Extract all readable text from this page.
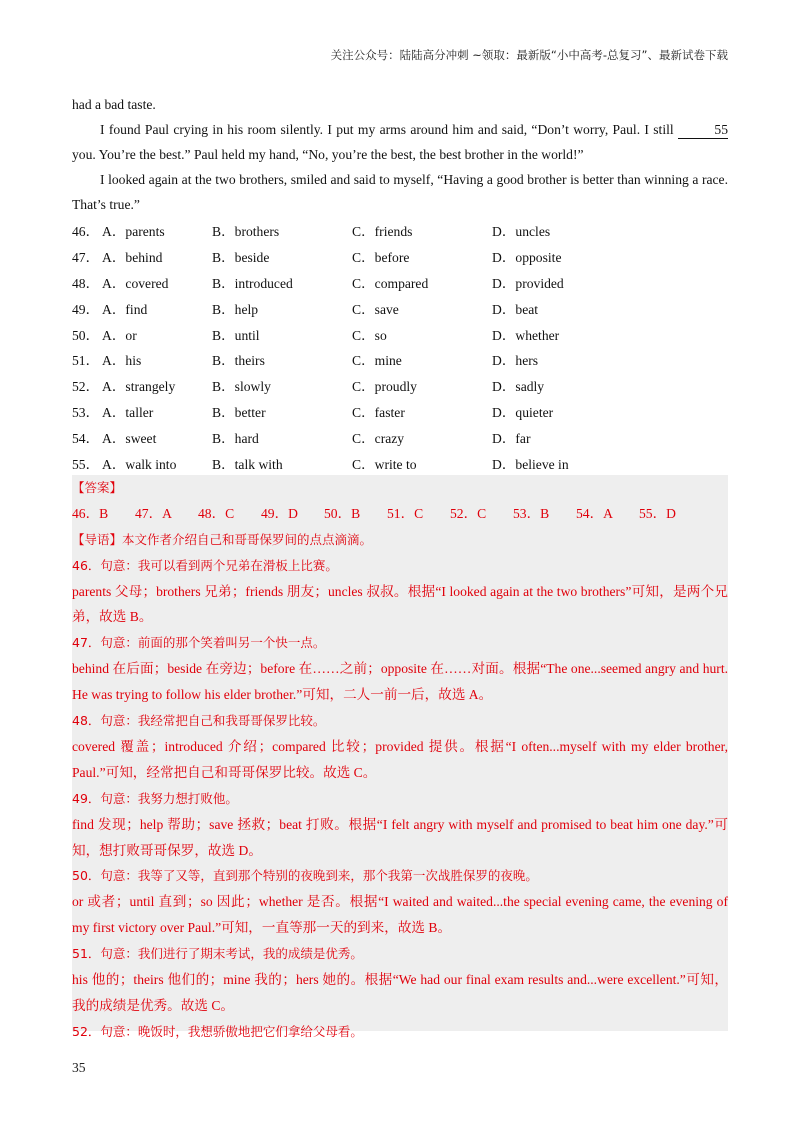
关注公众号：陆陆高分冲刺 ~领取：最新版“小中高考-总复习”、最新试卷下载

had a bad taste.

I found Paul crying in his room silently. I put my arms around him and said, “Don’t worry, Paul. I still	55 you. You’re the best.” Paul held my hand, “No, you’re the best, the best brother in the world!”

I looked again at the two brothers, smiled and said to myself, “Having a good brother is better than winning a race. That’s true.”

46． A．parents	B．brothers	C．friends	D．uncles
47． A．behind	B．beside	C．before	D．opposite
48． A．covered	B．introduced	C．compared	D．provided
49． A．find	B．help	C．save	D．beat
50． A．or	B．until	C．so	D．whether
51． A．his	B．theirs	C．mine	D．hers
52． A．strangely	B．slowly	C．proudly	D．sadly
53． A．taller	B．better	C．faster	D．quieter
54． A．sweet	B．hard	C．crazy	D．far
55． A．walk into	B．talk with	C．write to	D．believe in
【答案】
46．B	47．A	48．C	49．D	50．B	51．C	52．C	53．B	54．A	55．D
【导语】本文作者介绍自己和哥哥保罗间的点点滴滴。
46．句意：我可以看到两个兄弟在滑板上比赛。

parents 父母；brothers 兄弟；friends 朋友；uncles 叔叔。根据“I looked again at the two brothers”可知，是两个兄弟，故选 B。

47．句意：前面的那个笑着叫另一个快一点。

behind 在后面；beside 在旁边；before 在……之前；opposite 在……对面。根据“The one...seemed angry and hurt. He was trying to follow his elder brother.”可知，二人一前一后，故选 A。

48．句意：我经常把自己和我哥哥保罗比较。

covered 覆盖；introduced 介绍；compared 比较；provided 提供。根据“I often...myself with my elder brother, Paul.”可知，经常把自己和哥哥保罗比较。故选 C。

49．句意：我努力想打败他。

find 发现；help 帮助；save 拯救；beat 打败。根据“I felt angry with myself and promised to beat him one day.”可知，想打败哥哥保罗，故选 D。

50．句意：我等了又等，直到那个特别的夜晚到来，那个我第一次战胜保罗的夜晚。

or 或者；until 直到；so 因此；whether 是否。根据“I waited and waited...the special evening came, the evening of my first victory over Paul.”可知，一直等那一天的到来，故选 B。

51．句意：我们进行了期末考试，我的成绩是优秀。

his 他的；theirs 他们的；mine 我的；hers 她的。根据“We had our final exam results and...were excellent.”可知，我的成绩是优秀。故选 C。

52．句意：晚饭时，我想骄傲地把它们拿给父母看。
35
